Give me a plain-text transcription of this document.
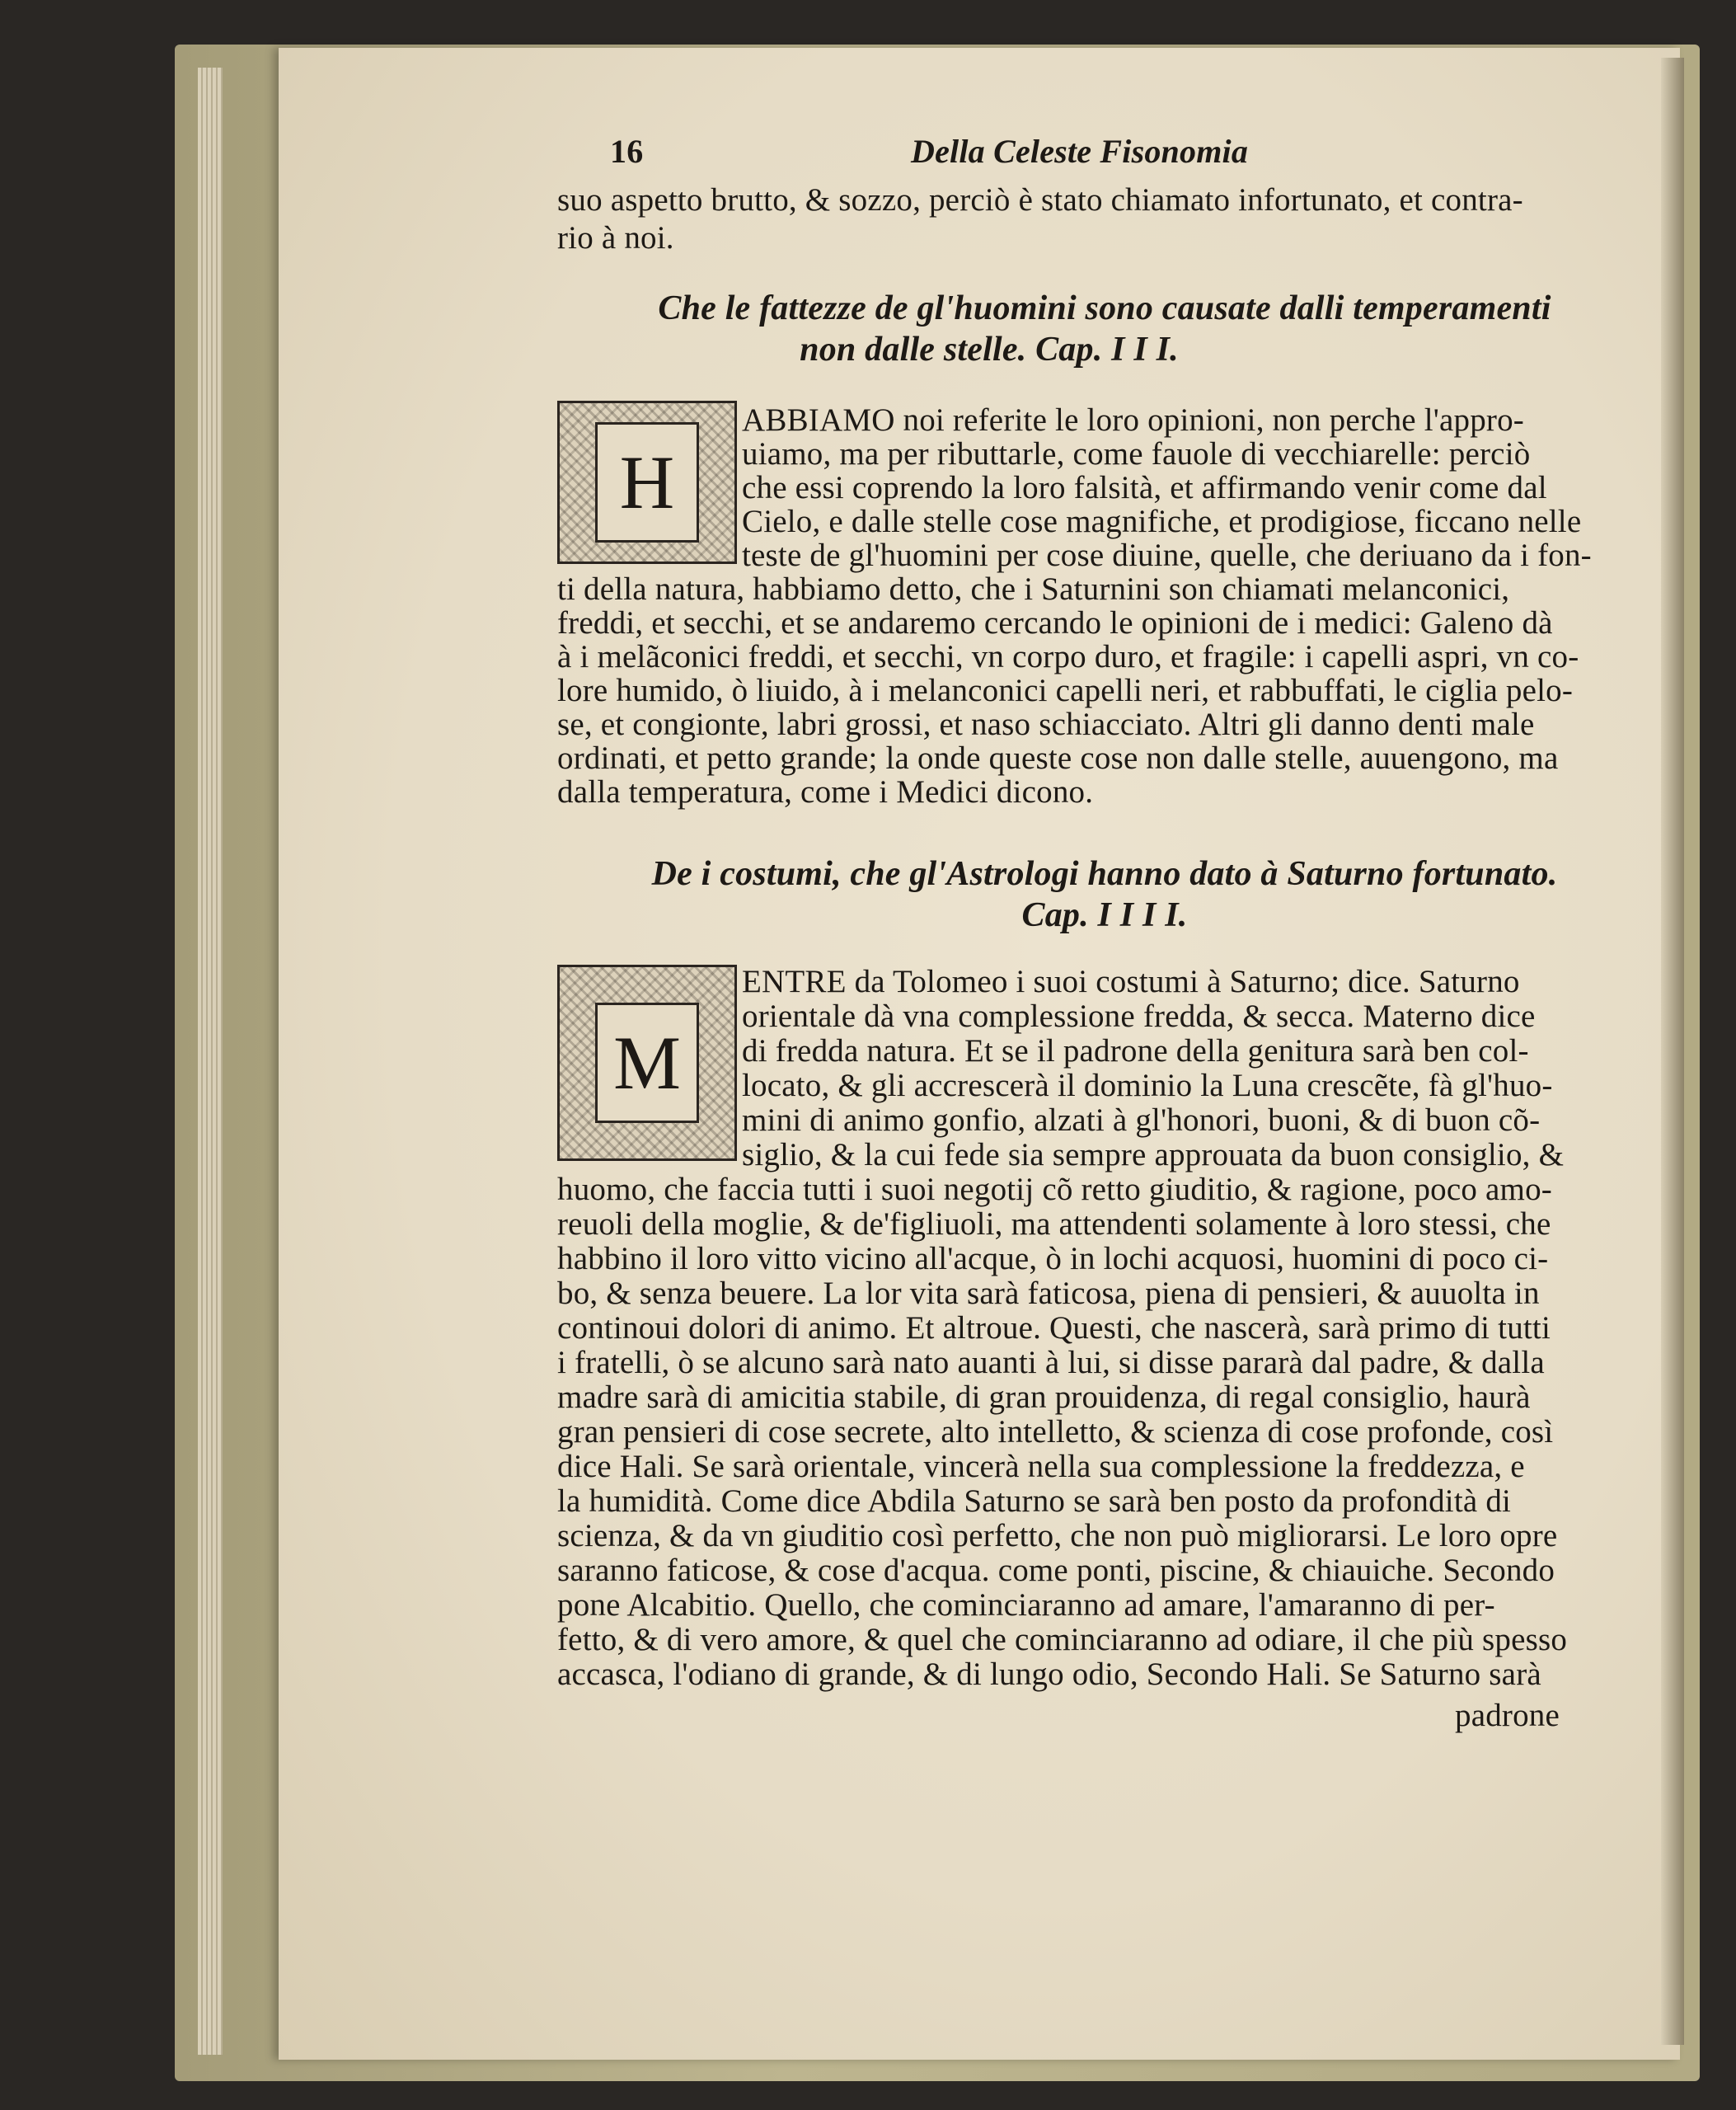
16	Della Celeste Fisonomia
suo aspetto brutto, & sozzo, perciò è stato chiamato infortunato, et contra-
rio à noi.
Che le fattezze de gl'huomini sono causate dalli temperamenti
non dalle stelle. Cap. I I I.
H
ABBIAMO noi referite le loro opinioni, non perche l'appro-
uiamo, ma per ributtarle, come fauole di vecchiarelle: perciò
che essi coprendo la loro falsità, et affirmando venir come dal
Cielo, e dalle stelle cose magnifiche, et prodigiose, ficcano nelle
teste de gl'huomini per cose diuine, quelle, che deriuano da i fon-
ti della natura, habbiamo detto, che i Saturnini son chiamati melanconici,
freddi, et secchi, et se andaremo cercando le opinioni de i medici: Galeno dà
à i melãconici freddi, et secchi, vn corpo duro, et fragile: i capelli aspri, vn co-
lore humido, ò liuido, à i melanconici capelli neri, et rabbuffati, le ciglia pelo-
se, et congionte, labri grossi, et naso schiacciato. Altri gli danno denti male
ordinati, et petto grande; la onde queste cose non dalle stelle, auuengono, ma
dalla temperatura, come i Medici dicono.
De i costumi, che gl'Astrologi hanno dato à Saturno fortunato.
Cap. I I I I.
M
ENTRE da Tolomeo i suoi costumi à Saturno; dice. Saturno
orientale dà vna complessione fredda, & secca. Materno dice
di fredda natura. Et se il padrone della genitura sarà ben col-
locato, & gli accrescerà il dominio la Luna crescẽte, fà gl'huo-
mini di animo gonfio, alzati à gl'honori, buoni, & di buon cõ-
siglio, & la cui fede sia sempre approuata da buon consiglio, &
huomo, che faccia tutti i suoi negotij cõ retto giuditio, & ragione, poco amo-
reuoli della moglie, & de'figliuoli, ma attendenti solamente à loro stessi, che
habbino il loro vitto vicino all'acque, ò in lochi acquosi, huomini di poco ci-
bo, & senza beuere. La lor vita sarà faticosa, piena di pensieri, & auuolta in
continoui dolori di animo. Et altroue. Questi, che nascerà, sarà primo di tutti
i fratelli, ò se alcuno sarà nato auanti à lui, si disse pararà dal padre, & dalla
madre sarà di amicitia stabile, di gran prouidenza, di regal consiglio, haurà
gran pensieri di cose secrete, alto intelletto, & scienza di cose profonde, così
dice Hali. Se sarà orientale, vincerà nella sua complessione la freddezza, e
la humidità. Come dice Abdila Saturno se sarà ben posto da profondità di
scienza, & da vn giuditio così perfetto, che non può migliorarsi. Le loro opre
saranno faticose, & cose d'acqua. come ponti, piscine, & chiauiche. Secondo
pone Alcabitio. Quello, che cominciaranno ad amare, l'amaranno di per-
fetto, & di vero amore, & quel che cominciaranno ad odiare, il che più spesso
accasca, l'odiano di grande, & di lungo odio, Secondo Hali. Se Saturno sarà
padrone
